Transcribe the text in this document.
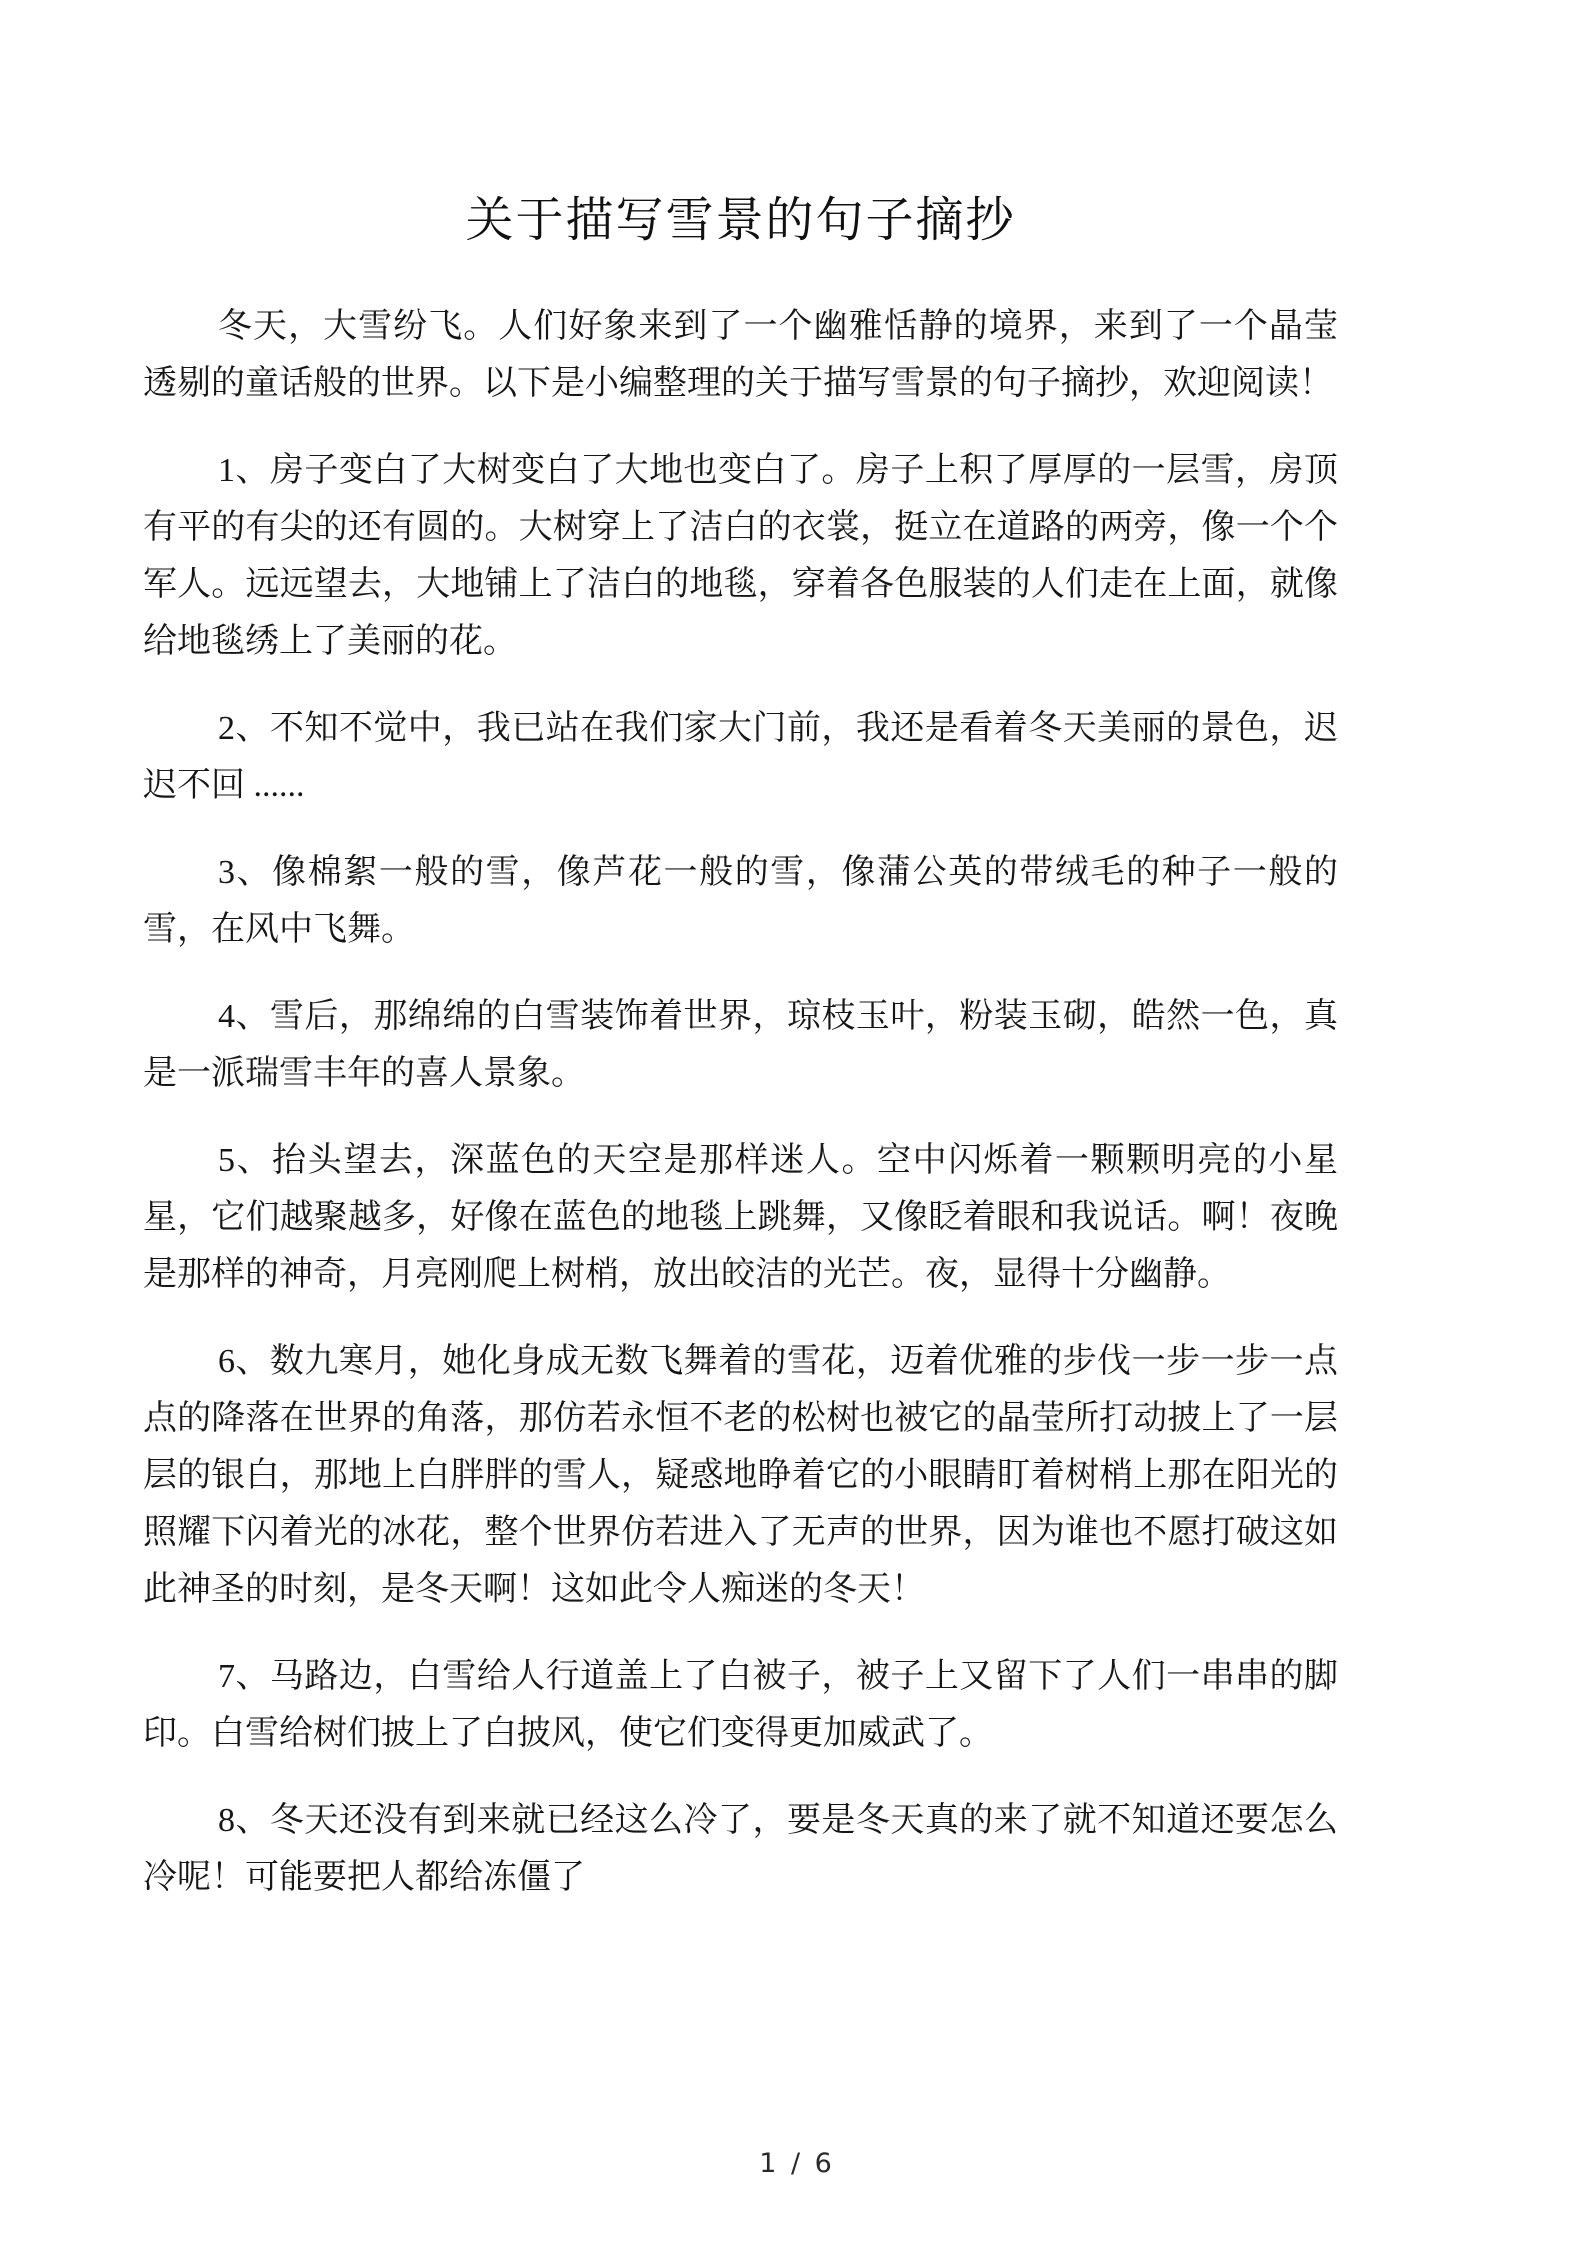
关于描写雪景的句子摘抄

冬天，大雪纷飞。人们好象来到了一个幽雅恬静的境界，来到了一个晶莹透剔的童话般的世界。以下是小编整理的关于描写雪景的句子摘抄，欢迎阅读！

1、房子变白了大树变白了大地也变白了。房子上积了厚厚的一层雪，房顶有平的有尖的还有圆的。大树穿上了洁白的衣裳，挺立在道路的两旁，像一个个军人。远远望去，大地铺上了洁白的地毯，穿着各色服装的人们走在上面，就像给地毯绣上了美丽的花。

2、不知不觉中，我已站在我们家大门前，我还是看着冬天美丽的景色，迟迟不回 ......

3、像棉絮一般的雪，像芦花一般的雪，像蒲公英的带绒毛的种子一般的雪，在风中飞舞。

4、雪后，那绵绵的白雪装饰着世界，琼枝玉叶，粉装玉砌，皓然一色，真是一派瑞雪丰年的喜人景象。

5、抬头望去，深蓝色的天空是那样迷人。空中闪烁着一颗颗明亮的小星星，它们越聚越多，好像在蓝色的地毯上跳舞，又像眨着眼和我说话。啊！夜晚是那样的神奇，月亮刚爬上树梢，放出皎洁的光芒。夜，显得十分幽静。

6、数九寒月，她化身成无数飞舞着的雪花，迈着优雅的步伐一步一步一点点的降落在世界的角落，那仿若永恒不老的松树也被它的晶莹所打动披上了一层层的银白，那地上白胖胖的雪人，疑惑地睁着它的小眼睛盯着树梢上那在阳光的照耀下闪着光的冰花，整个世界仿若进入了无声的世界，因为谁也不愿打破这如此神圣的时刻，是冬天啊！这如此令人痴迷的冬天！

7、马路边，白雪给人行道盖上了白被子，被子上又留下了人们一串串的脚印。白雪给树们披上了白披风，使它们变得更加威武了。

8、冬天还没有到来就已经这么冷了，要是冬天真的来了就不知道还要怎么冷呢！可能要把人都给冻僵了

1 / 6
